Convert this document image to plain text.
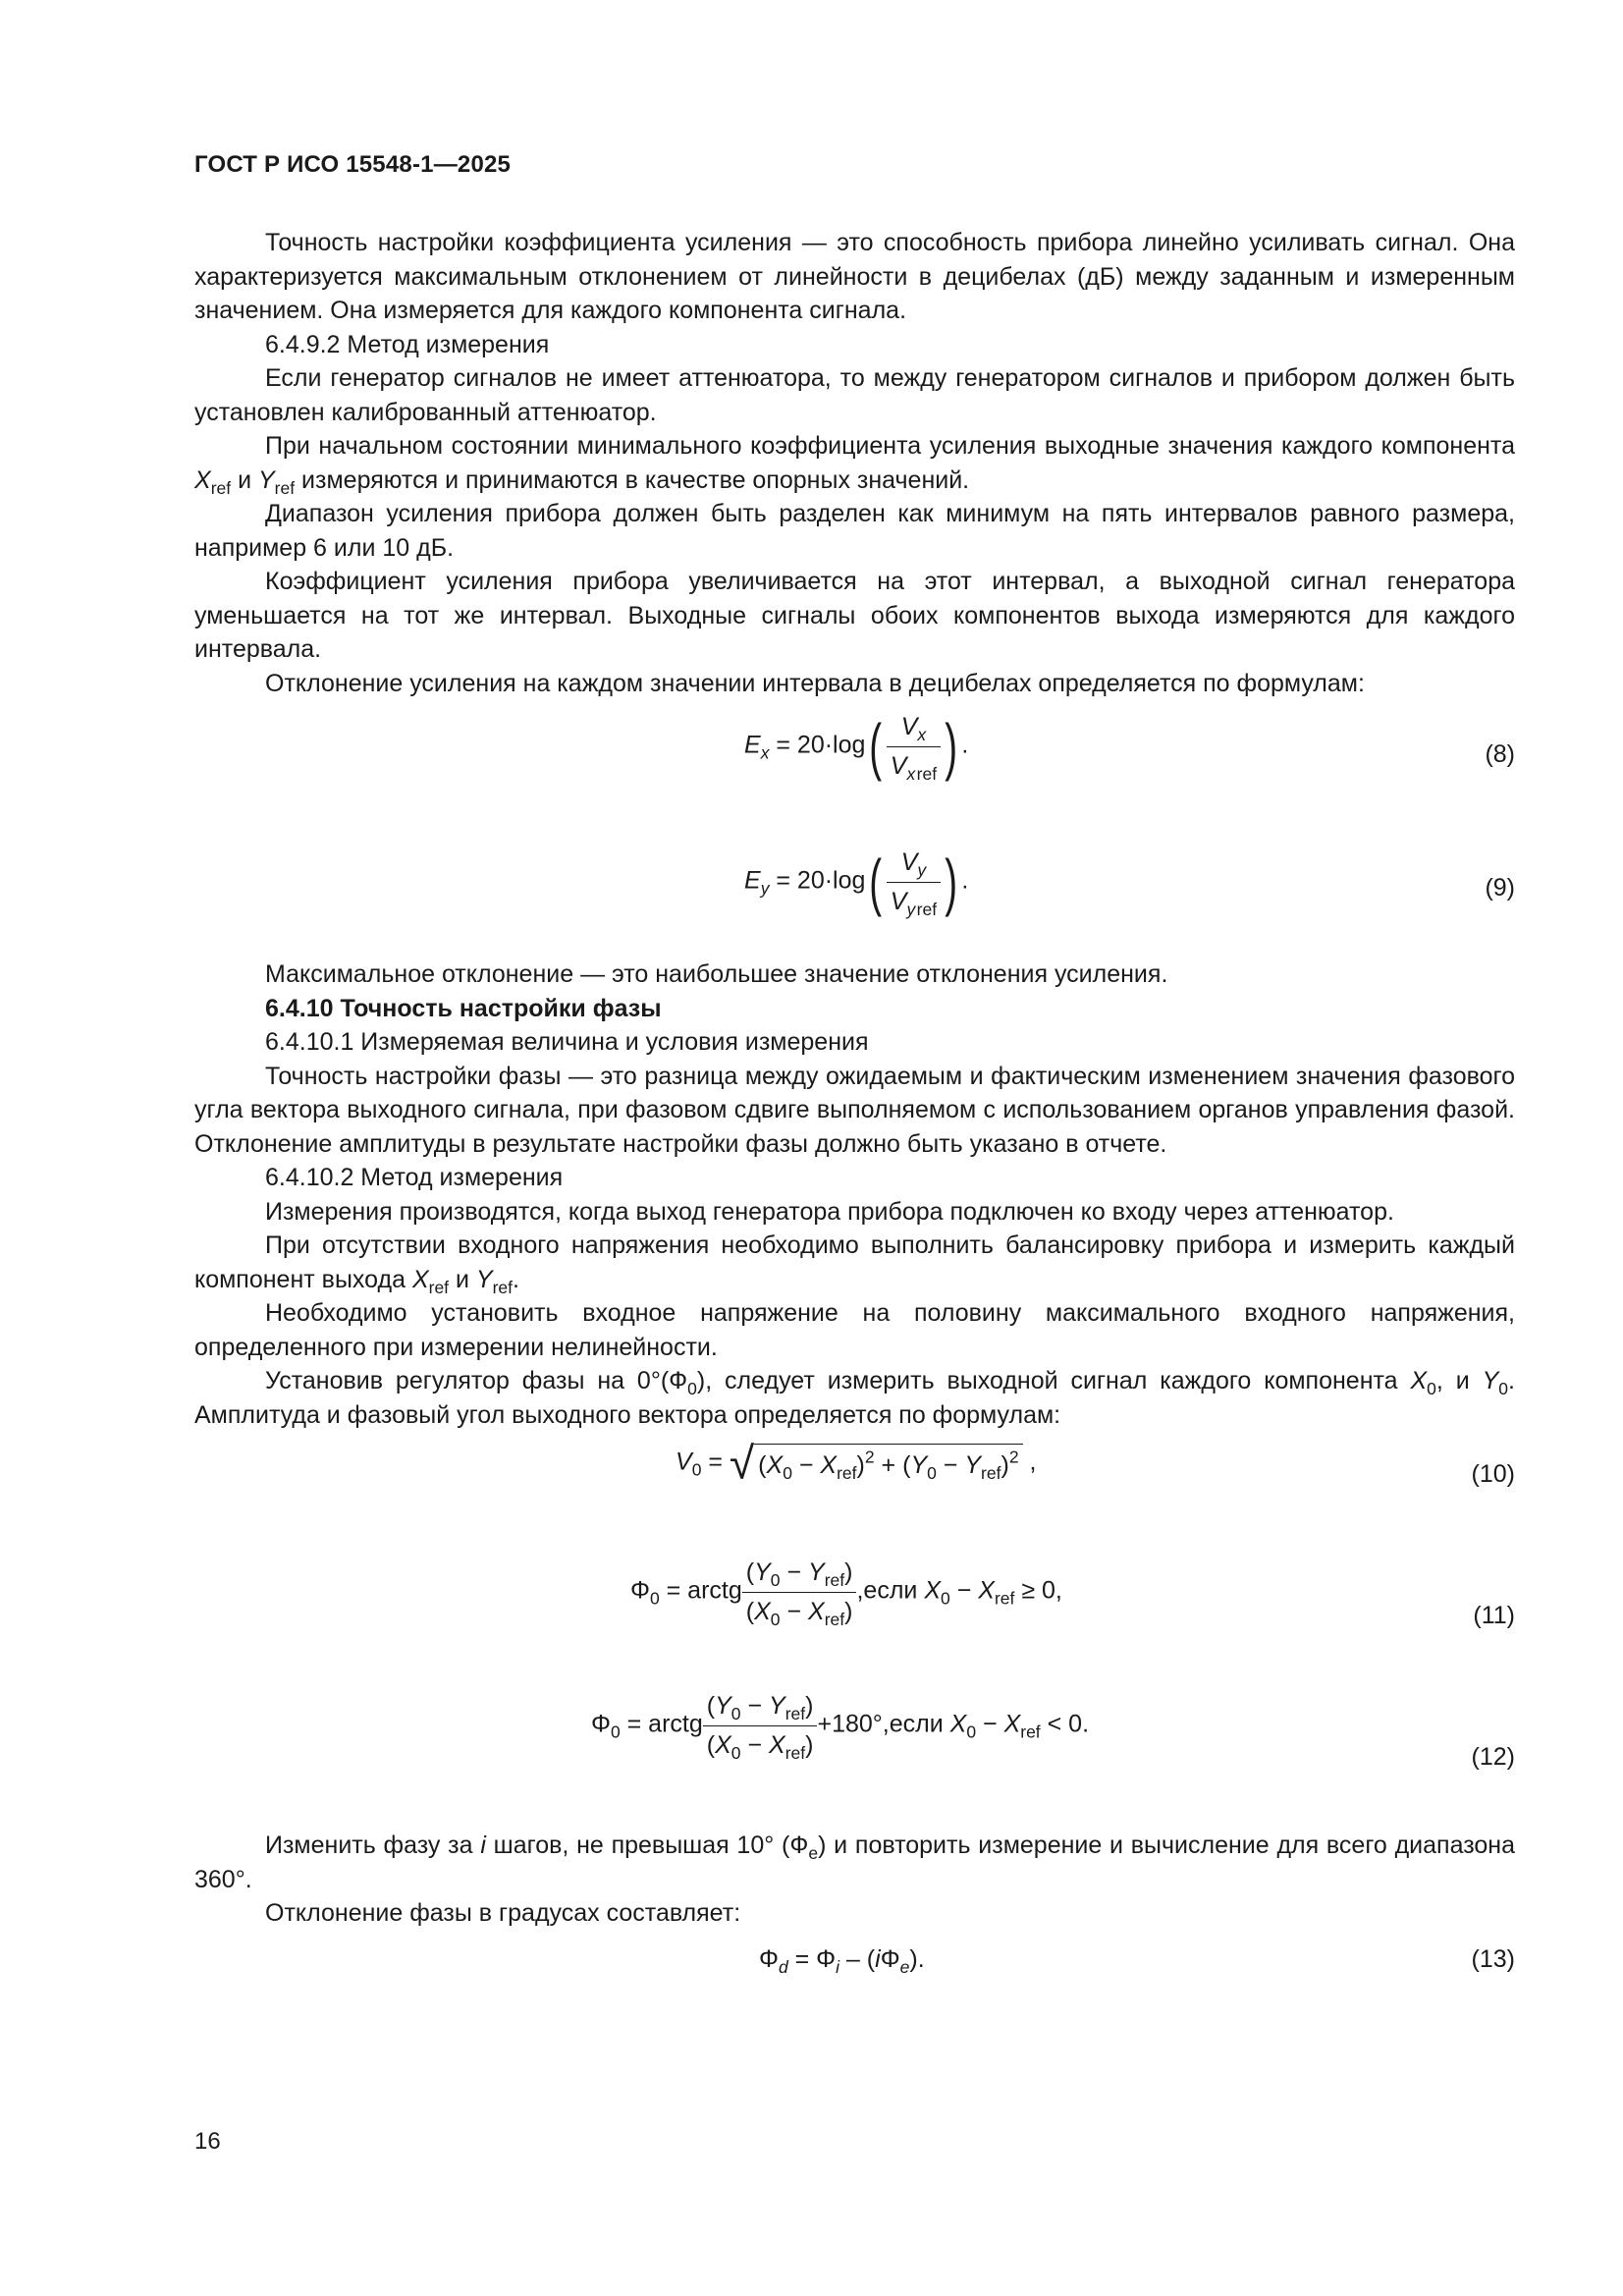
ГОСТ Р ИСО 15548-1—2025

Точность настройки коэффициента усиления — это способность прибора линейно усиливать сигнал. Она характеризуется максимальным отклонением от линейности в децибелах (дБ) между заданным и измеренным значением. Она измеряется для каждого компонента сигнала.

6.4.9.2 Метод измерения

Если генератор сигналов не имеет аттенюатора, то между генератором сигналов и прибором должен быть установлен калиброванный аттенюатор.

При начальном состоянии минимального коэффициента усиления выходные значения каждого компонента $X_{ref}$ и $Y_{ref}$ измеряются и принимаются в качестве опорных значений.

Диапазон усиления прибора должен быть разделен как минимум на пять интервалов равного размера, например 6 или 10 дБ.

Коэффициент усиления прибора увеличивается на этот интервал, а выходной сигнал генератора уменьшается на тот же интервал. Выходные сигналы обоих компонентов выхода измеряются для каждого интервала.

Отклонение усиления на каждом значении интервала в децибелах определяется по формулам:

$E_x = 20\cdot\log( \frac{V_x}{V_{x ref}}$ ) .	(8)
$E_y = 20\cdot\log( \frac{V_y}{V_{y ref}}$ ) .	(9)

Максимальное отклонение — это наибольшее значение отклонения усиления.

6.4.10 Точность настройки фазы

6.4.10.1 Измеряемая величина и условия измерения

Точность настройки фазы — это разница между ожидаемым и фактическим изменением значения фазового угла вектора выходного сигнала, при фазовом сдвиге выполняемом с использованием органов управления фазой. Отклонение амплитуды в результате настройки фазы должно быть указано в отчете.

6.4.10.2 Метод измерения

Измерения производятся, когда выход генератора прибора подключен ко входу через аттенюатор.

При отсутствии входного напряжения необходимо выполнить балансировку прибора и измерить каждый компонент выхода $X_{ref}$ и $Y_{ref}$.

Необходимо установить входное напряжение на половину максимального входного напряжения, определенного при измерении нелинейности.

Установив регулятор фазы на $0^\circ(Ф_0)$, следует измерить выходной сигнал каждого компонента $X_0$, и $Y_0$. Амплитуда и фазовый угол выходного вектора определяется по формулам:

$V_0$ = √ $(X_0 - X_{ref})^2 + (Y_0 - Y_{ref})^2$ ,	(10)
$\Phi_0$ = arctg $\frac{(Y_0 - Y_{ref})}{(X_0 - X_{ref})}$ ,если $X_0 - X_{ref} \ge 0$,
(11)
$\Phi_0$ = arctg $\frac{(Y_0 - Y_{ref})}{(X_0 - X_{ref})}$ +180°,если $X_0 - X_{ref} < 0$.
(12)

Изменить фазу за i шагов, не превышая 10° $(Ф_e)$ и повторить измерение и вычисление для всего диапазона 360°.

Отклонение фазы в градусах составляет:

$\Phi_d = \Phi_i - (i\Phi_e)$.	(13)
16
